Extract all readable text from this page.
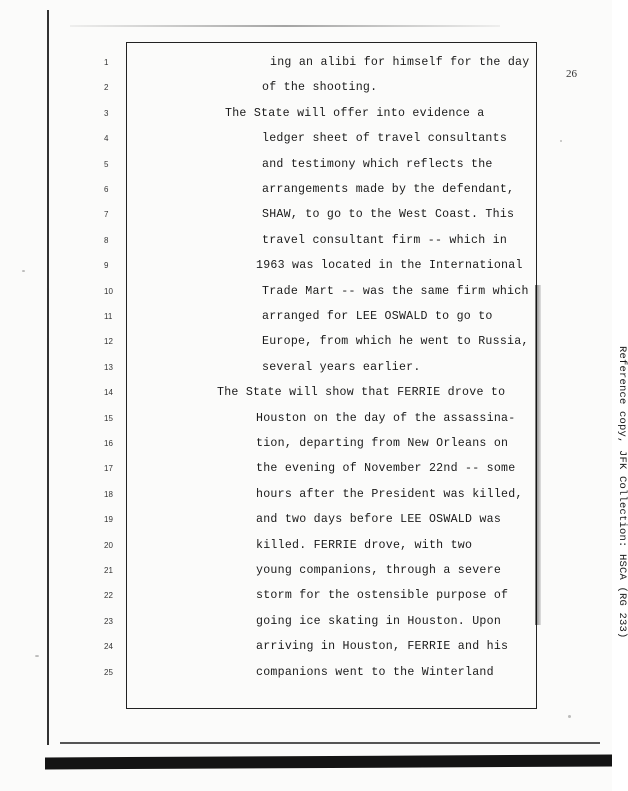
26
1	ing an alibi for himself for the day
2	of the shooting.
3	The State will offer into evidence a
4	ledger sheet of travel consultants
5	and testimony which reflects the
6	arrangements made by the defendant,
7	SHAW, to go to the West Coast. This
8	travel consultant firm -- which in
9	1963 was located in the International
10	Trade Mart -- was the same firm which
11	arranged for LEE OSWALD to go to
12	Europe, from which he went to Russia,
13	several years earlier.
14	The State will show that FERRIE drove to
15	Houston on the day of the assassina-
16	tion, departing from New Orleans on
17	the evening of November 22nd -- some
18	hours after the President was killed,
19	and two days before LEE OSWALD was
20	killed. FERRIE drove, with two
21	young companions, through a severe
22	storm for the ostensible purpose of
23	going ice skating in Houston. Upon
24	arriving in Houston, FERRIE and his
25	companions went to the Winterland
Reference copy, JFK Collection: HSCA (RG 233)
